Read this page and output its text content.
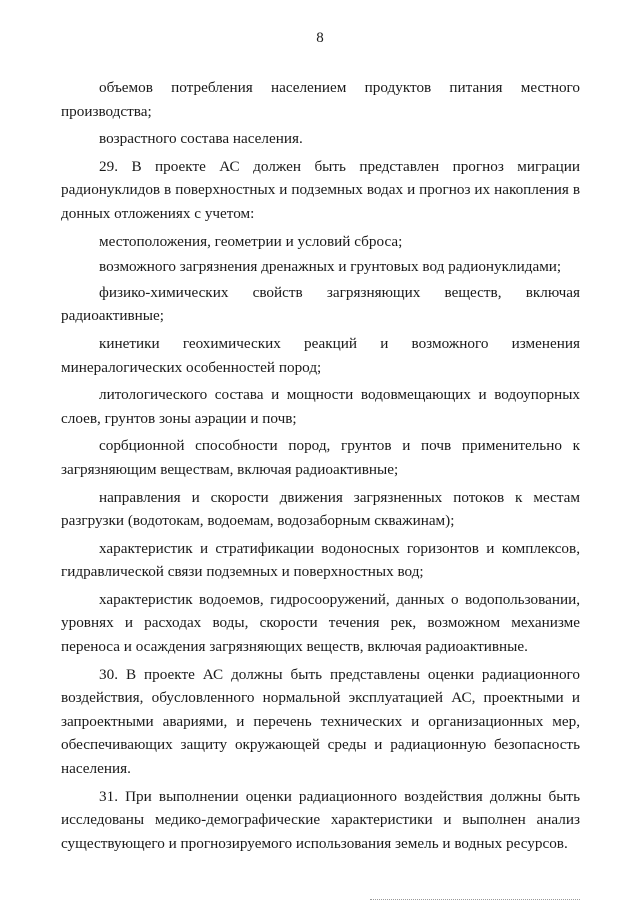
8

объемов потребления населением продуктов питания местного производства;

возрастного состава населения.

29. В проекте АС должен быть представлен прогноз миграции радионуклидов в поверхностных и подземных водах и прогноз их накопления в донных отложениях с учетом:

местоположения, геометрии и условий сброса;

возможного загрязнения дренажных и грунтовых вод радионуклидами;

физико-химических свойств загрязняющих веществ, включая радиоактивные;

кинетики геохимических реакций и возможного изменения минералогических особенностей пород;

литологического состава и мощности водовмещающих и водоупорных слоев, грунтов зоны аэрации и почв;

сорбционной способности пород, грунтов и почв применительно к загрязняющим веществам, включая радиоактивные;

направления и скорости движения загрязненных потоков к местам разгрузки (водотокам, водоемам, водозаборным скважинам);

характеристик и стратификации водоносных горизонтов и комплексов, гидравлической связи подземных и поверхностных вод;

характеристик водоемов, гидросооружений, данных о водопользовании, уровнях и расходах воды, скорости течения рек, возможном механизме переноса и осаждения загрязняющих веществ, включая радиоактивные.

30. В проекте АС должны быть представлены оценки радиационного воздействия, обусловленного нормальной эксплуатацией АС, проектными и запроектными авариями, и перечень технических и организационных мер, обеспечивающих защиту окружающей среды и радиационную безопасность населения.

31. При выполнении оценки радиационного воздействия должны быть исследованы медико-демографические характеристики и выполнен анализ существующего и прогнозируемого использования земель и водных ресурсов.
